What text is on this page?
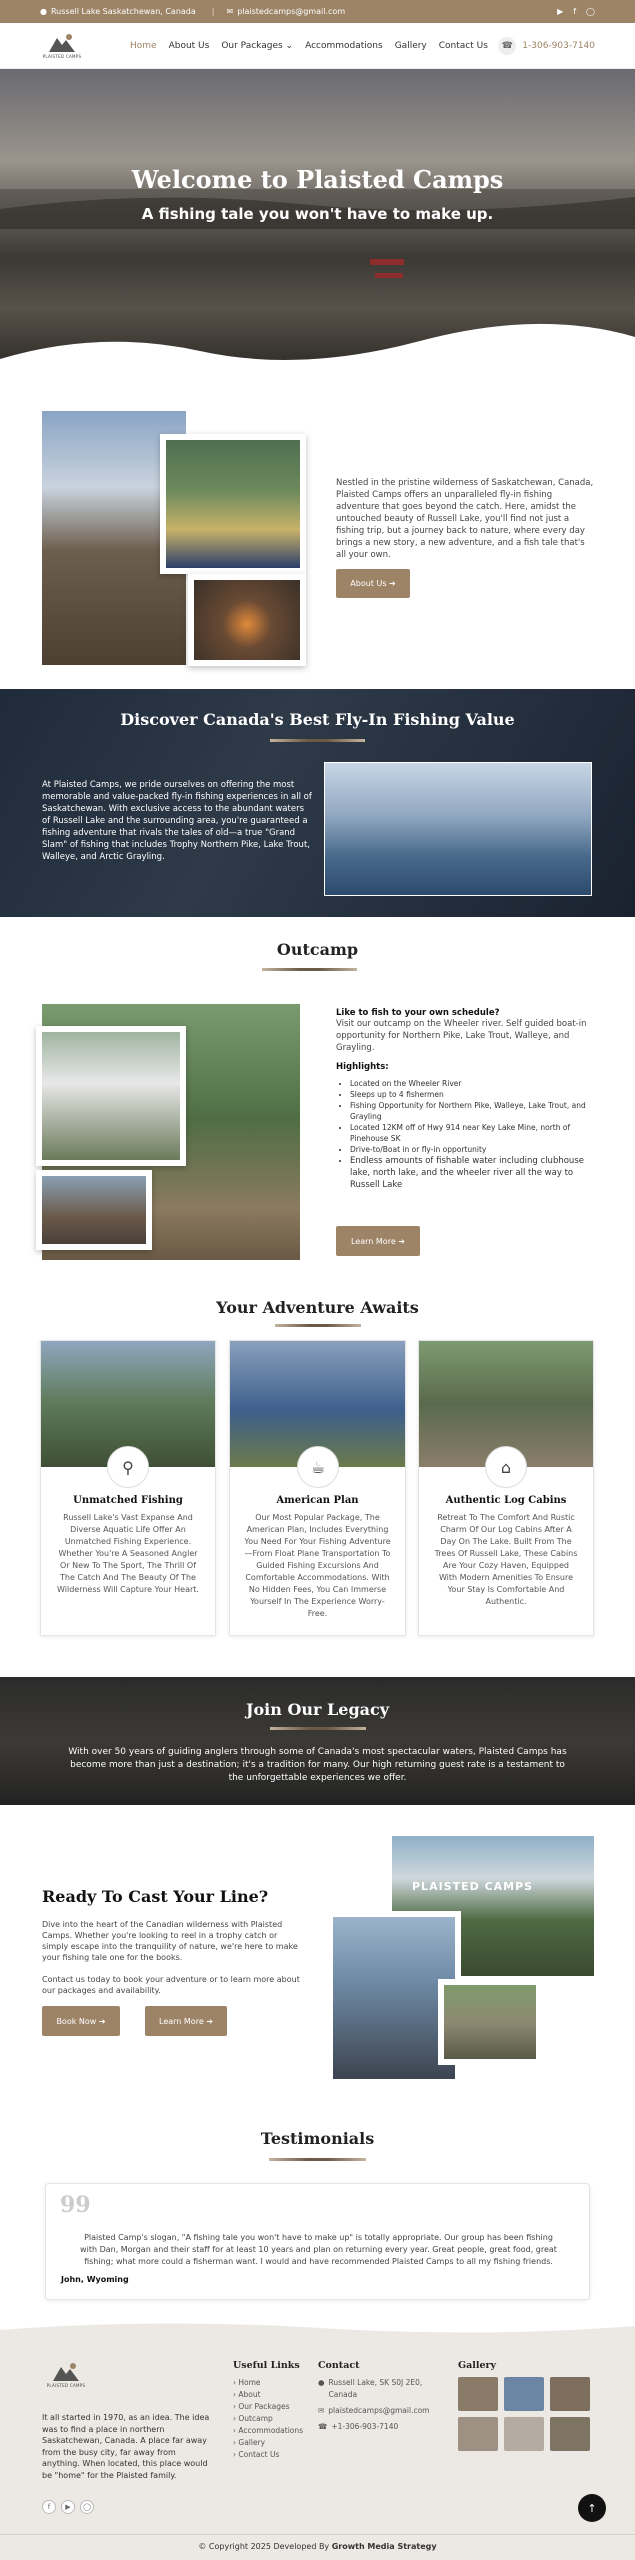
● Russell Lake Saskatchewan, Canada | ✉ plaistedcamps@gmail.com	▶ f ◯
PLAISTED CAMPS
Home About Us Our Packages ⌄ Accommodations Gallery Contact Us	☎	1-306-903-7140
Welcome to Plaisted Camps
A fishing tale you won't have to make up.

Nestled in the pristine wilderness of Saskatchewan, Canada, Plaisted Camps offers an unparalleled fly-in fishing adventure that goes beyond the catch. Here, amidst the untouched beauty of Russell Lake, you'll find not just a fishing trip, but a journey back to nature, where every day brings a new story, a new adventure, and a fish tale that's all your own.

About Us ➔
Discover Canada's Best Fly-In Fishing Value

At Plaisted Camps, we pride ourselves on offering the most memorable and value-packed fly-in fishing experiences in all of Saskatchewan. With exclusive access to the abundant waters of Russell Lake and the surrounding area, you're guaranteed a fishing adventure that rivals the tales of old—a true "Grand Slam" of fishing that includes Trophy Northern Pike, Lake Trout, Walleye, and Arctic Grayling.

Outcamp
Like to fish to your own schedule?

Visit our outcamp on the Wheeler river. Self guided boat-in opportunity for Northern Pike, Lake Trout, Walleye, and Grayling.

Highlights:
• Located on the Wheeler River
• Sleeps up to 4 fishermen
• Fishing Opportunity for Northern Pike, Walleye, Lake Trout, and Grayling
• Located 12KM off of Hwy 914 near Key Lake Mine, north of Pinehouse SK
• Drive-to/Boat in or fly-in opportunity
• Endless amounts of fishable water including clubhouse lake, north lake, and the wheeler river all the way to Russell Lake
Learn More ➔
Your Adventure Awaits
⚲
Unmatched Fishing

Russell Lake's Vast Expanse And Diverse Aquatic Life Offer An Unmatched Fishing Experience. Whether You're A Seasoned Angler Or New To The Sport, The Thrill Of The Catch And The Beauty Of The Wilderness Will Capture Your Heart.

☕
American Plan

Our Most Popular Package, The American Plan, Includes Everything You Need For Your Fishing Adventure—From Float Plane Transportation To Guided Fishing Excursions And Comfortable Accommodations. With No Hidden Fees, You Can Immerse Yourself In The Experience Worry-Free.

⌂
Authentic Log Cabins

Retreat To The Comfort And Rustic Charm Of Our Log Cabins After A Day On The Lake. Built From The Trees Of Russell Lake, These Cabins Are Your Cozy Haven, Equipped With Modern Amenities To Ensure Your Stay Is Comfortable And Authentic.

Join Our Legacy

With over 50 years of guiding anglers through some of Canada's most spectacular waters, Plaisted Camps has become more than just a destination; it's a tradition for many. Our high returning guest rate is a testament to the unforgettable experiences we offer.

Ready To Cast Your Line?

Dive into the heart of the Canadian wilderness with Plaisted Camps. Whether you're looking to reel in a trophy catch or simply escape into the tranquility of nature, we're here to make your fishing tale one for the books.

Contact us today to book your adventure or to learn more about our packages and availability.

Book Now ➔	Learn More ➔
PLAISTED CAMPS
Testimonials
99

Plaisted Camp's slogan, "A fishing tale you won't have to make up" is totally appropriate. Our group has been fishing with Dan, Morgan and their staff for at least 10 years and plan on returning every year. Great people, great food, great fishing; what more could a fisherman want. I would and have recommended Plaisted Camps to all my fishing friends.

John, Wyoming
PLAISTED CAMPS

It all started in 1970, as an idea. The idea was to find a place in northern Saskatchewan, Canada. A place far away from the busy city, far away from anything. When located, this place would be "home" for the Plaisted family.

f	▶	◯
Useful Links
› Home
› About
› Our Packages
› Outcamp
› Accommodations
› Gallery
› Contact Us
Contact
● Russell Lake, SK S0J 2E0, Canada
✉ plaistedcamps@gmail.com
☎ +1-306-903-7140
Gallery
↑
© Copyright 2025 Developed By Growth Media Strategy
